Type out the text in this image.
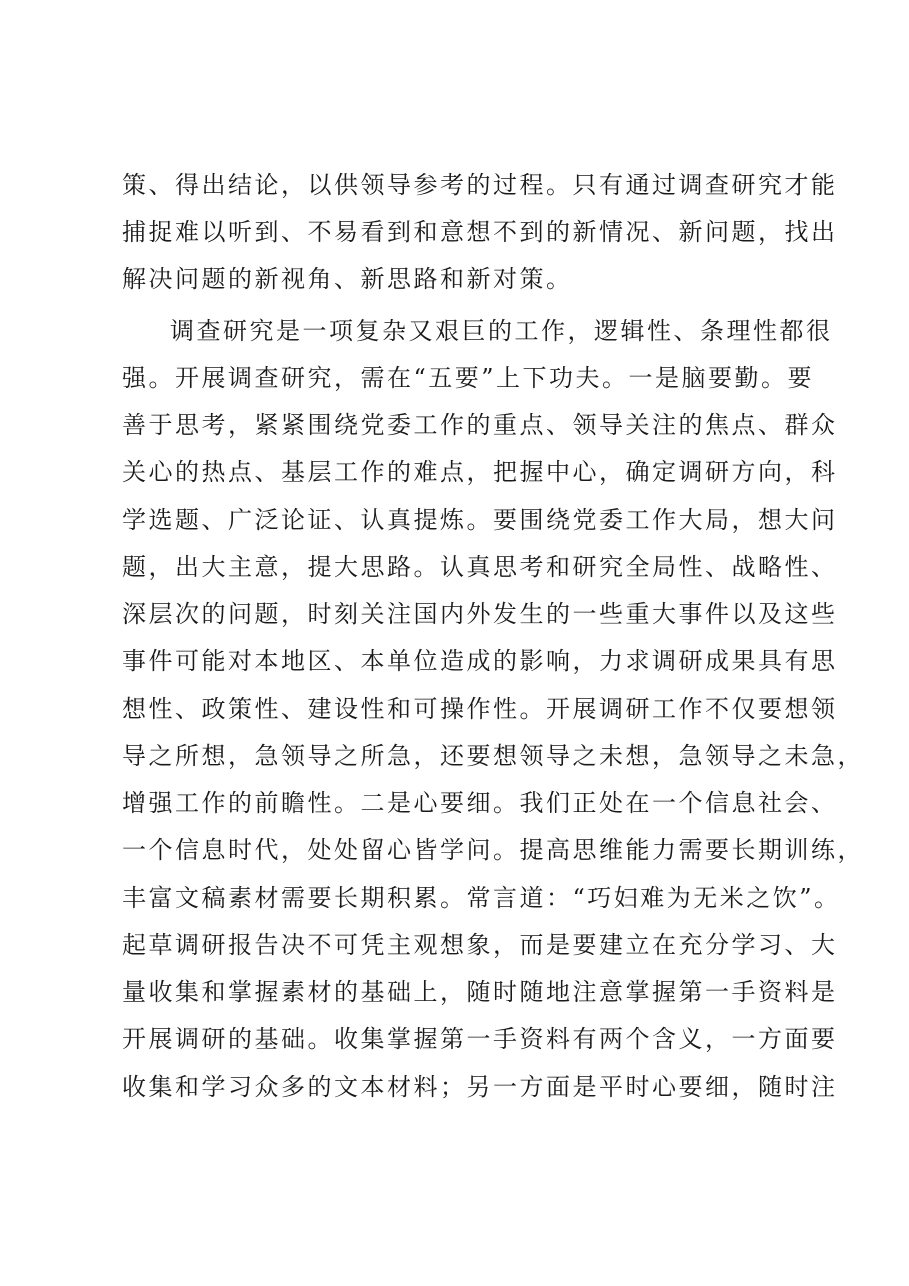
策、得出结论，以供领导参考的过程。只有通过调查研究才能

捕捉难以听到、不易看到和意想不到的新情况、新问题，找出

解决问题的新视角、新思路和新对策。

调查研究是一项复杂又艰巨的工作，逻辑性、条理性都很

强。开展调查研究，需在“五要”上下功夫。一是脑要勤。要

善于思考，紧紧围绕党委工作的重点、领导关注的焦点、群众

关心的热点、基层工作的难点，把握中心，确定调研方向，科

学选题、广泛论证、认真提炼。要围绕党委工作大局，想大问

题，出大主意，提大思路。认真思考和研究全局性、战略性、

深层次的问题，时刻关注国内外发生的一些重大事件以及这些

事件可能对本地区、本单位造成的影响，力求调研成果具有思

想性、政策性、建设性和可操作性。开展调研工作不仅要想领

导之所想，急领导之所急，还要想领导之未想，急领导之未急，

增强工作的前瞻性。二是心要细。我们正处在一个信息社会、

一个信息时代，处处留心皆学问。提高思维能力需要长期训练，

丰富文稿素材需要长期积累。常言道：“巧妇难为无米之饮”。

起草调研报告决不可凭主观想象，而是要建立在充分学习、大

量收集和掌握素材的基础上，随时随地注意掌握第一手资料是

开展调研的基础。收集掌握第一手资料有两个含义，一方面要

收集和学习众多的文本材料；另一方面是平时心要细，随时注
